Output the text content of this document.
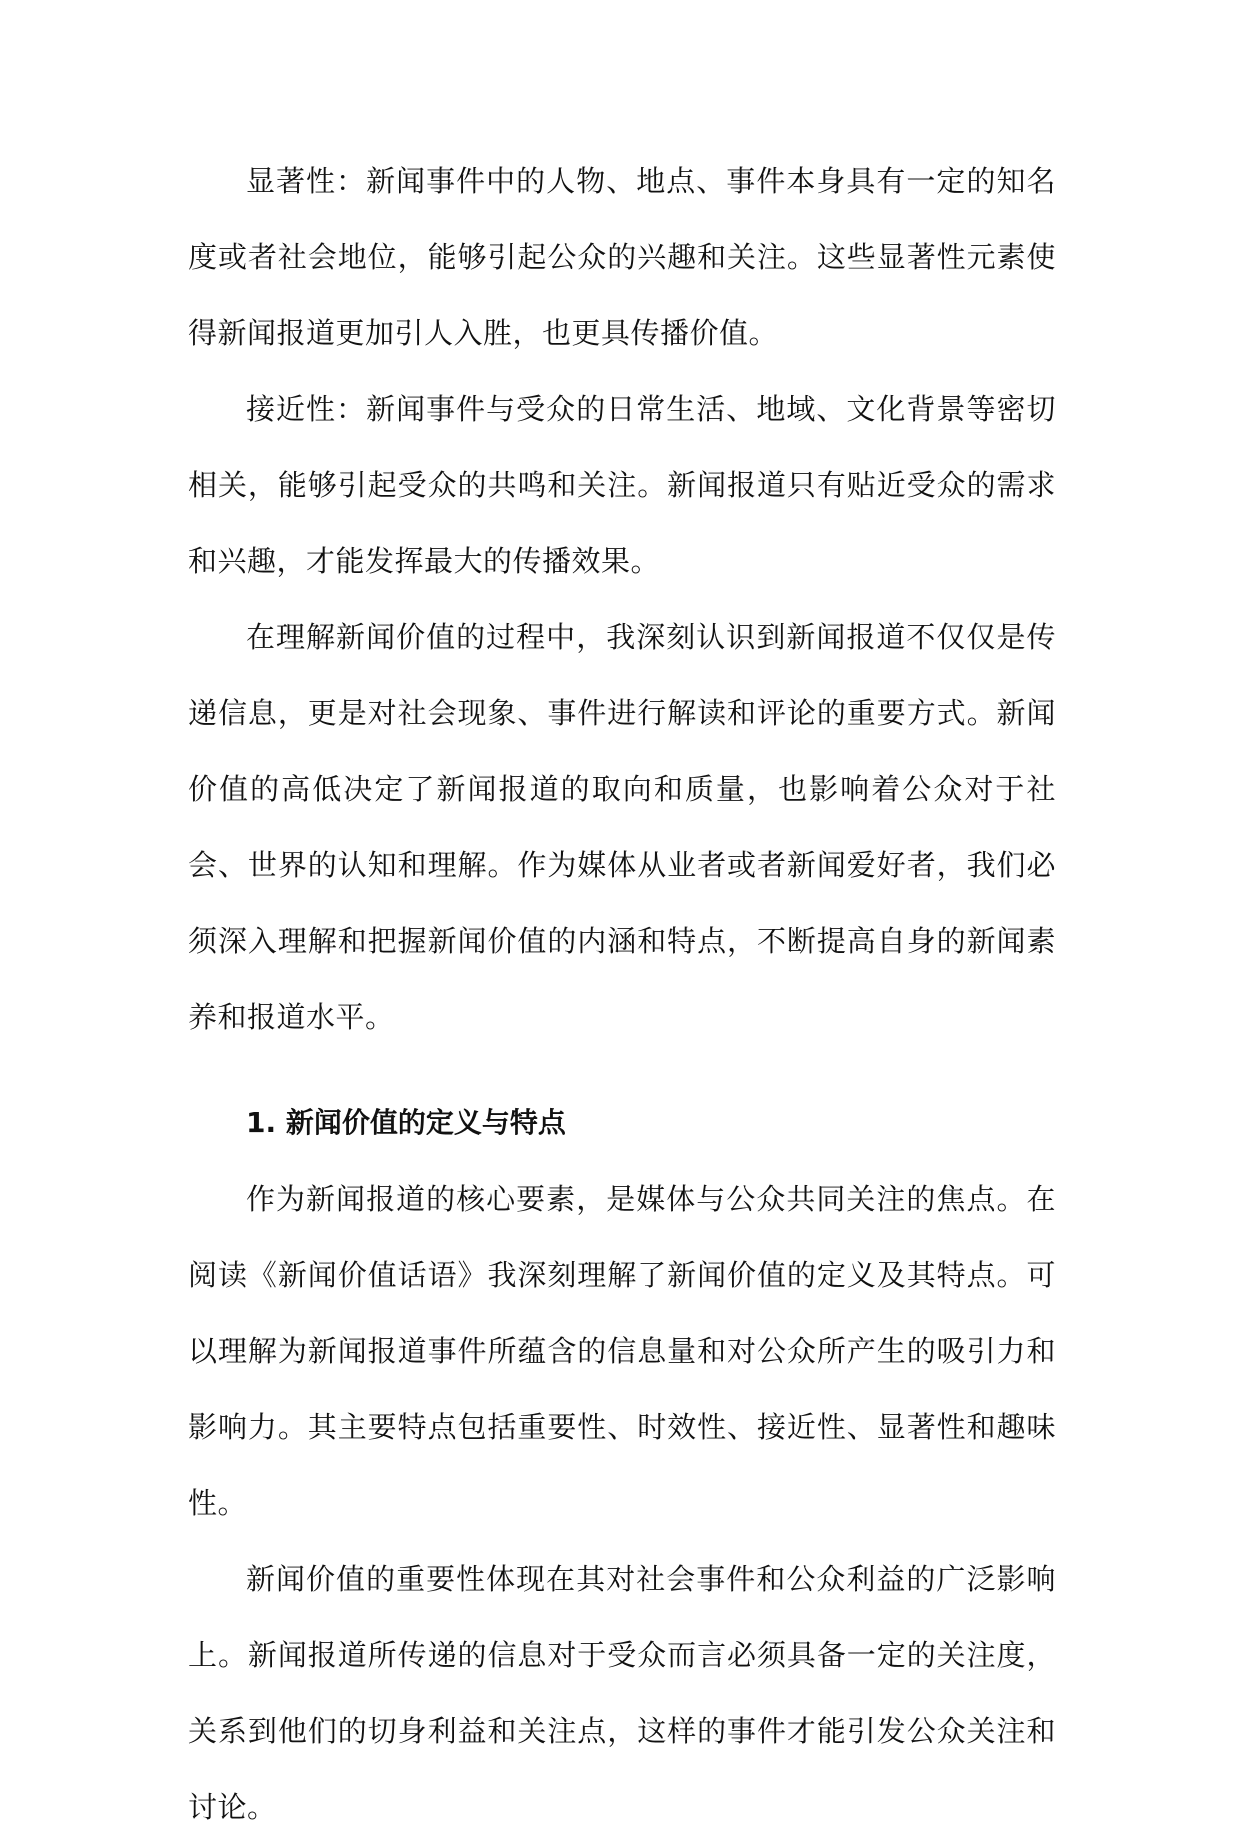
显著性：新闻事件中的人物、地点、事件本身具有一定的知名度或者社会地位，能够引起公众的兴趣和关注。这些显著性元素使得新闻报道更加引人入胜，也更具传播价值。

接近性：新闻事件与受众的日常生活、地域、文化背景等密切相关，能够引起受众的共鸣和关注。新闻报道只有贴近受众的需求和兴趣，才能发挥最大的传播效果。

在理解新闻价值的过程中，我深刻认识到新闻报道不仅仅是传递信息，更是对社会现象、事件进行解读和评论的重要方式。新闻价值的高低决定了新闻报道的取向和质量，也影响着公众对于社会、世界的认知和理解。作为媒体从业者或者新闻爱好者，我们必须深入理解和把握新闻价值的内涵和特点，不断提高自身的新闻素养和报道水平。

1. 新闻价值的定义与特点

作为新闻报道的核心要素，是媒体与公众共同关注的焦点。在阅读《新闻价值话语》我深刻理解了新闻价值的定义及其特点。可以理解为新闻报道事件所蕴含的信息量和对公众所产生的吸引力和影响力。其主要特点包括重要性、时效性、接近性、显著性和趣味性。

新闻价值的重要性体现在其对社会事件和公众利益的广泛影响上。新闻报道所传递的信息对于受众而言必须具备一定的关注度，关系到他们的切身利益和关注点，这样的事件才能引发公众关注和讨论。
